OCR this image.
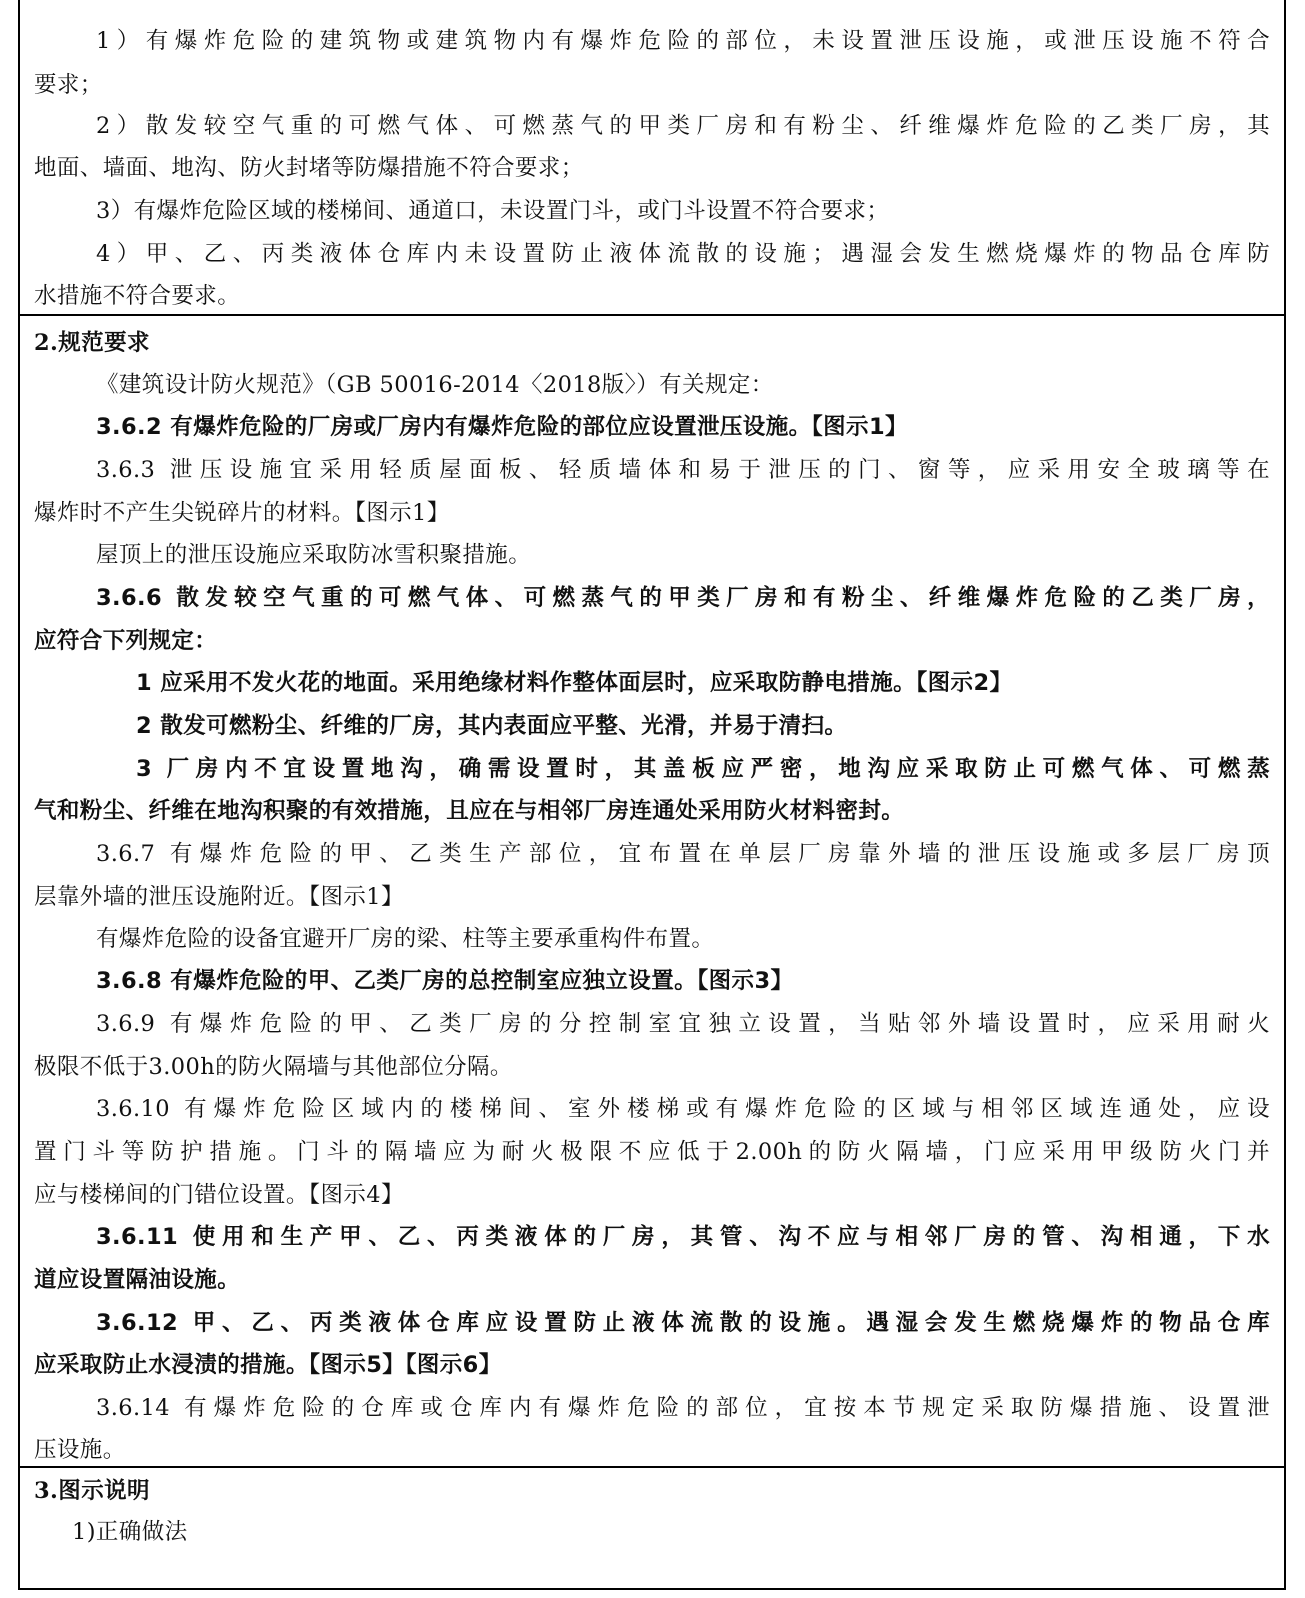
1）有爆炸危险的建筑物或建筑物内有爆炸危险的部位，未设置泄压设施，或泄压设施不符合
要求；
2）散发较空气重的可燃气体、可燃蒸气的甲类厂房和有粉尘、纤维爆炸危险的乙类厂房，其
地面、墙面、地沟、防火封堵等防爆措施不符合要求；
3）有爆炸危险区域的楼梯间、通道口，未设置门斗，或门斗设置不符合要求；
4）甲、乙、丙类液体仓库内未设置防止液体流散的设施；遇湿会发生燃烧爆炸的物品仓库防
水措施不符合要求。
2.规范要求
《建筑设计防火规范》（GB 50016-2014〈2018版〉）有关规定：
3.6.2 有爆炸危险的厂房或厂房内有爆炸危险的部位应设置泄压设施。【图示1】
3.6.3 泄压设施宜采用轻质屋面板、轻质墙体和易于泄压的门、窗等，应采用安全玻璃等在
爆炸时不产生尖锐碎片的材料。【图示1】
屋顶上的泄压设施应采取防冰雪积聚措施。
3.6.6 散发较空气重的可燃气体、可燃蒸气的甲类厂房和有粉尘、纤维爆炸危险的乙类厂房，
应符合下列规定：
1 应采用不发火花的地面。采用绝缘材料作整体面层时，应采取防静电措施。【图示2】
2 散发可燃粉尘、纤维的厂房，其内表面应平整、光滑，并易于清扫。
3 厂房内不宜设置地沟，确需设置时，其盖板应严密，地沟应采取防止可燃气体、可燃蒸
气和粉尘、纤维在地沟积聚的有效措施，且应在与相邻厂房连通处采用防火材料密封。
3.6.7 有爆炸危险的甲、乙类生产部位，宜布置在单层厂房靠外墙的泄压设施或多层厂房顶
层靠外墙的泄压设施附近。【图示1】
有爆炸危险的设备宜避开厂房的梁、柱等主要承重构件布置。
3.6.8 有爆炸危险的甲、乙类厂房的总控制室应独立设置。【图示3】
3.6.9 有爆炸危险的甲、乙类厂房的分控制室宜独立设置，当贴邻外墙设置时，应采用耐火
极限不低于3.00h的防火隔墙与其他部位分隔。
3.6.10 有爆炸危险区域内的楼梯间、室外楼梯或有爆炸危险的区域与相邻区域连通处，应设
置门斗等防护措施。门斗的隔墙应为耐火极限不应低于2.00h的防火隔墙，门应采用甲级防火门并
应与楼梯间的门错位设置。【图示4】
3.6.11 使用和生产甲、乙、丙类液体的厂房，其管、沟不应与相邻厂房的管、沟相通，下水
道应设置隔油设施。
3.6.12 甲、乙、丙类液体仓库应设置防止液体流散的设施。遇湿会发生燃烧爆炸的物品仓库
应采取防止水浸渍的措施。【图示5】【图示6】
3.6.14 有爆炸危险的仓库或仓库内有爆炸危险的部位，宜按本节规定采取防爆措施、设置泄
压设施。
3.图示说明
1)正确做法
